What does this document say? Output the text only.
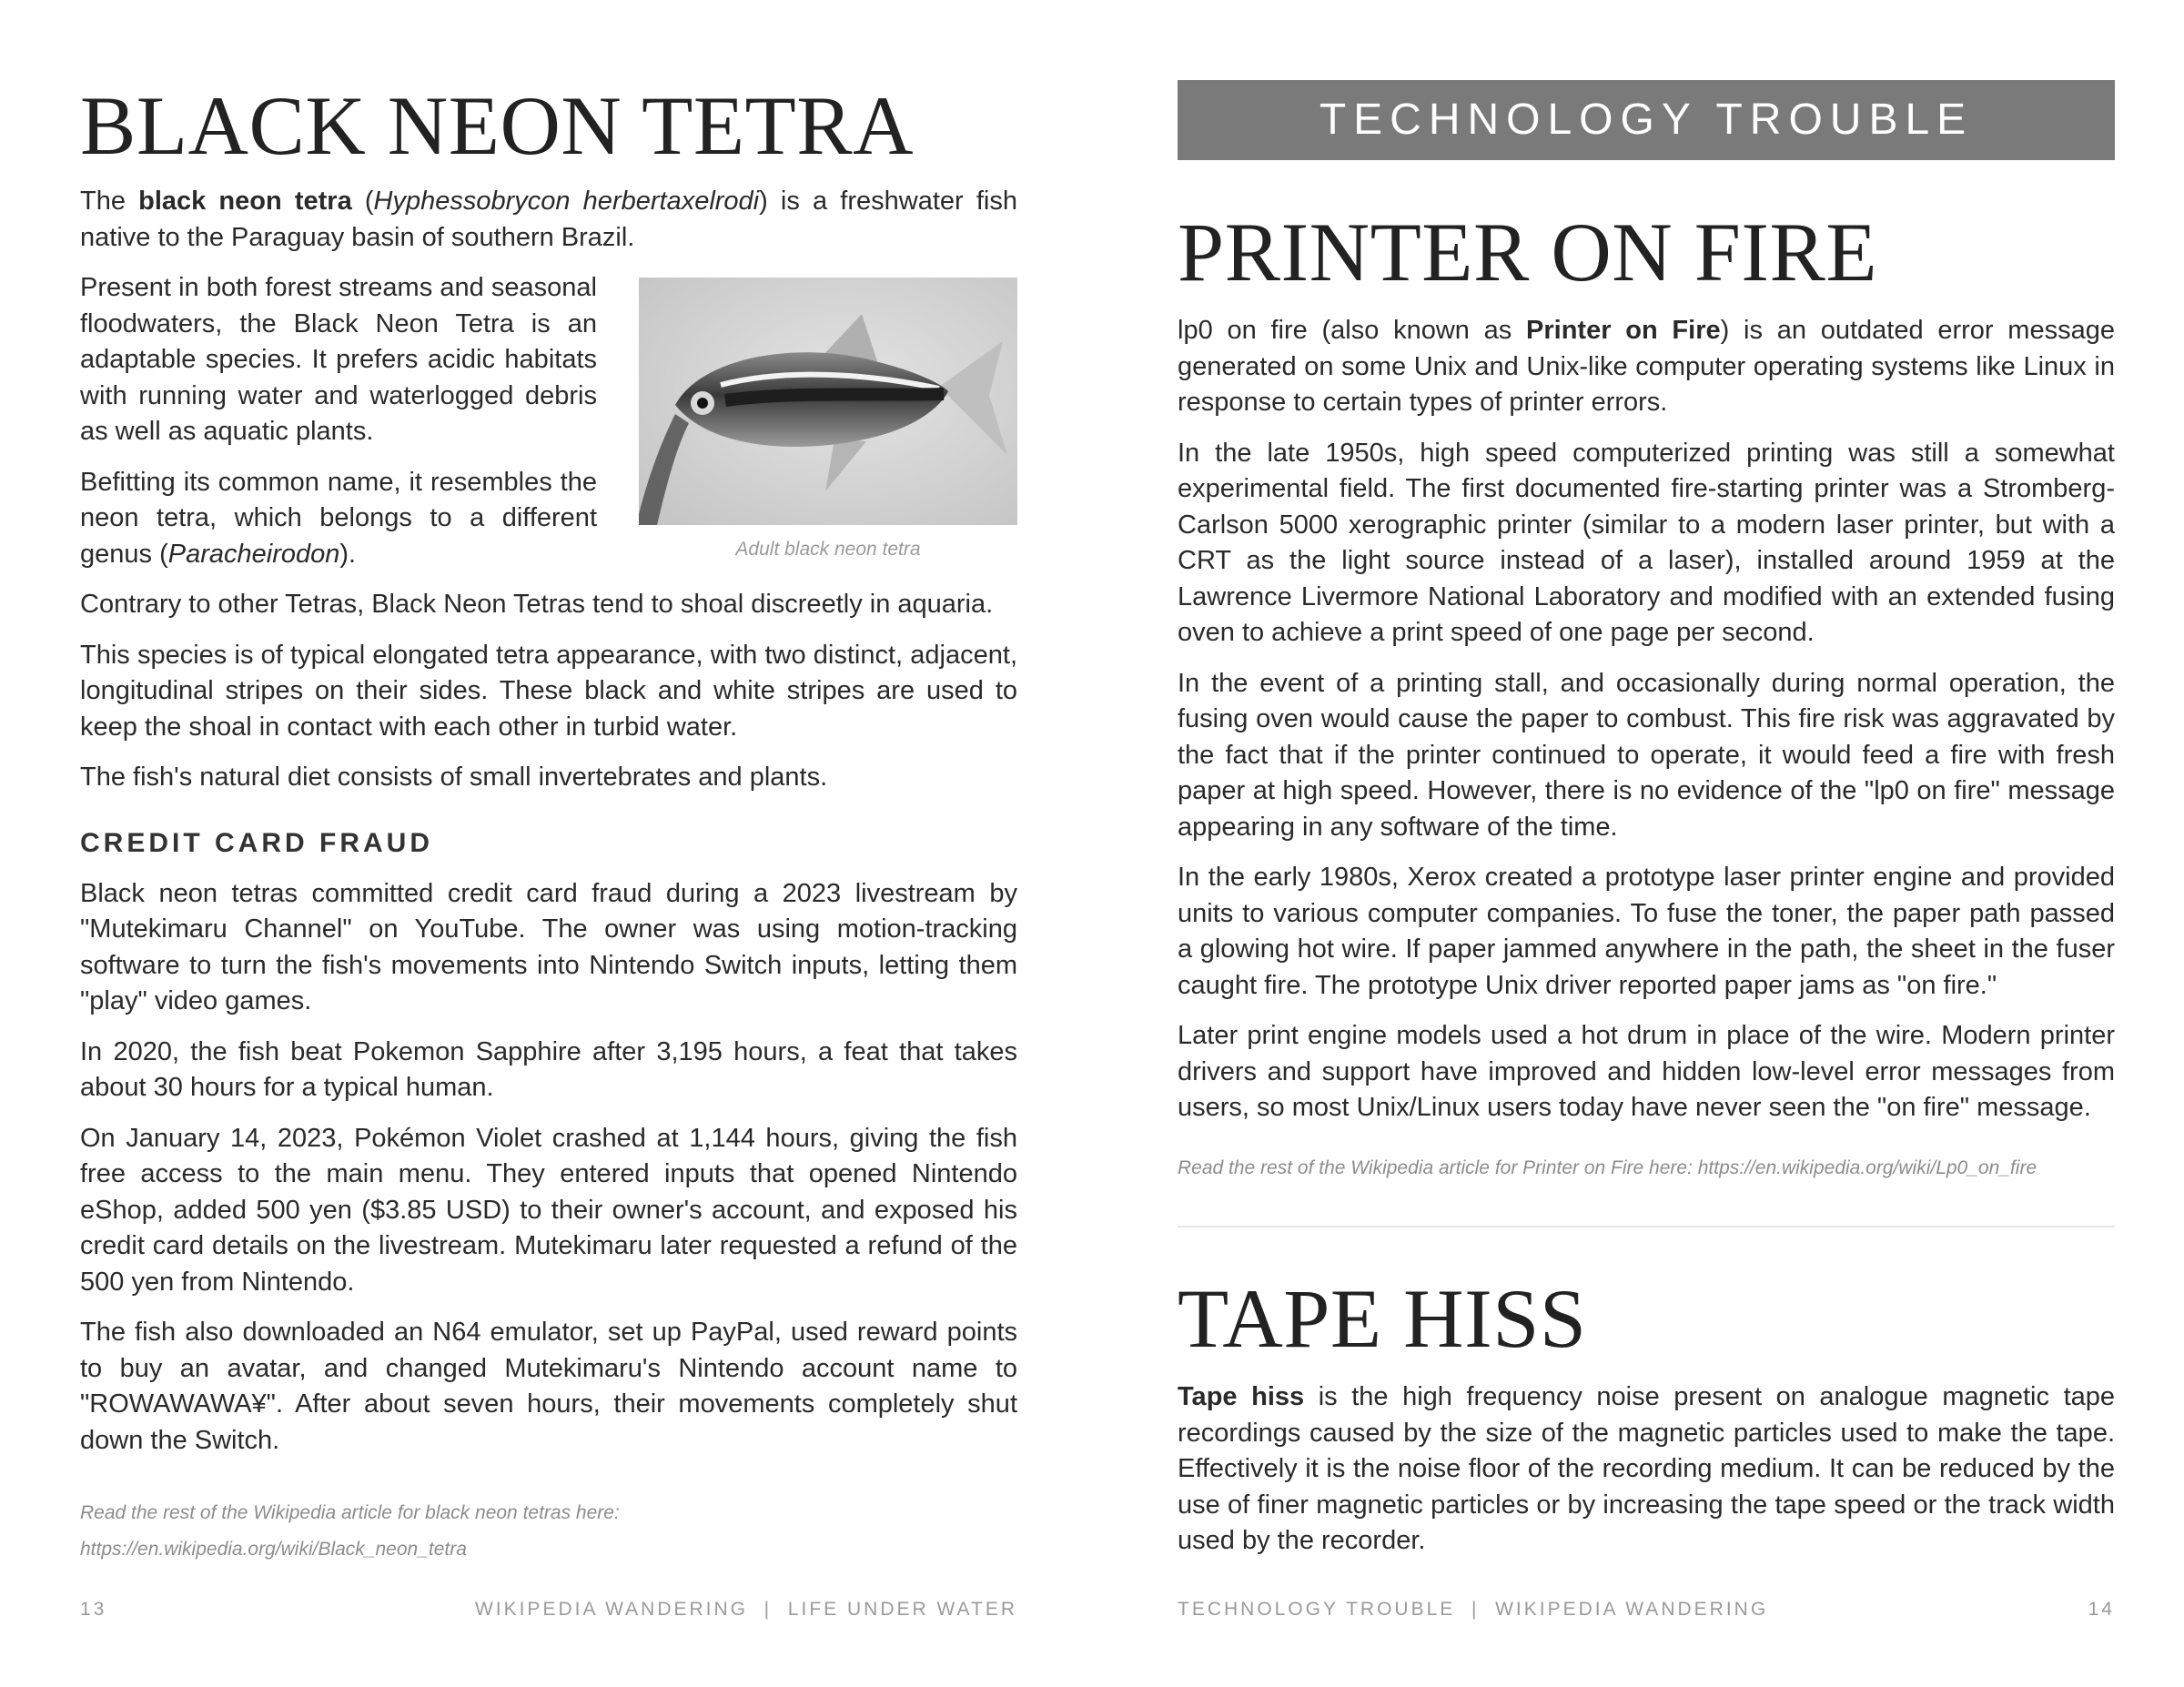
BLACK NEON TETRA

The black neon tetra (Hyphessobrycon herbertaxelrodi) is a freshwater fish native to the Paraguay basin of southern Brazil.

Adult black neon tetra

Present in both forest streams and seasonal floodwaters, the Black Neon Tetra is an adaptable species. It prefers acidic habitats with running water and waterlogged debris as well as aquatic plants.

Befitting its common name, it resembles the neon tetra, which belongs to a different genus (Paracheirodon).

Contrary to other Tetras, Black Neon Tetras tend to shoal discreetly in aquaria.

This species is of typical elongated tetra appearance, with two distinct, adjacent, longitudinal stripes on their sides. These black and white stripes are used to keep the shoal in contact with each other in turbid water.

The fish's natural diet consists of small invertebrates and plants.

CREDIT CARD FRAUD

Black neon tetras committed credit card fraud during a 2023 livestream by "Mutekimaru Channel" on YouTube. The owner was using motion-tracking software to turn the fish's movements into Nintendo Switch inputs, letting them "play" video games.

In 2020, the fish beat Pokemon Sapphire after 3,195 hours, a feat that takes about 30 hours for a typical human.

On January 14, 2023, Pokémon Violet crashed at 1,144 hours, giving the fish free access to the main menu. They entered inputs that opened Nintendo eShop, added 500 yen ($3.85 USD) to their owner's account, and exposed his credit card details on the livestream. Mutekimaru later requested a refund of the 500 yen from Nintendo.

The fish also downloaded an N64 emulator, set up PayPal, used reward points to buy an avatar, and changed Mutekimaru's Nintendo account name to "ROWAWAWA¥". After about seven hours, their movements completely shut down the Switch.

Read the rest of the Wikipedia article for black neon tetras here:
https://en.wikipedia.org/wiki/Black_neon_tetra
13	WIKIPEDIA WANDERING  |  LIFE UNDER WATER
TECHNOLOGY TROUBLE
PRINTER ON FIRE

lp0 on fire (also known as Printer on Fire) is an outdated error message generated on some Unix and Unix-like computer operating systems like Linux in response to certain types of printer errors.

In the late 1950s, high speed computerized printing was still a somewhat experimental field. The first documented fire-starting printer was a Stromberg-Carlson 5000 xerographic printer (similar to a modern laser printer, but with a CRT as the light source instead of a laser), installed around 1959 at the Lawrence Livermore National Laboratory and modified with an extended fusing oven to achieve a print speed of one page per second.

In the event of a printing stall, and occasionally during normal operation, the fusing oven would cause the paper to combust. This fire risk was aggravated by the fact that if the printer continued to operate, it would feed a fire with fresh paper at high speed. However, there is no evidence of the "lp0 on fire" message appearing in any software of the time.

In the early 1980s, Xerox created a prototype laser printer engine and provided units to various computer companies. To fuse the toner, the paper path passed a glowing hot wire. If paper jammed anywhere in the path, the sheet in the fuser caught fire. The prototype Unix driver reported paper jams as "on fire."

Later print engine models used a hot drum in place of the wire. Modern printer drivers and support have improved and hidden low-level error messages from users, so most Unix/Linux users today have never seen the "on fire" message.

Read the rest of the Wikipedia article for Printer on Fire here: https://en.wikipedia.org/wiki/Lp0_on_fire
TAPE HISS

Tape hiss is the high frequency noise present on analogue magnetic tape recordings caused by the size of the magnetic particles used to make the tape. Effectively it is the noise floor of the recording medium. It can be reduced by the use of finer magnetic particles or by increasing the tape speed or the track width used by the recorder.

TECHNOLOGY TROUBLE  |  WIKIPEDIA WANDERING	14
